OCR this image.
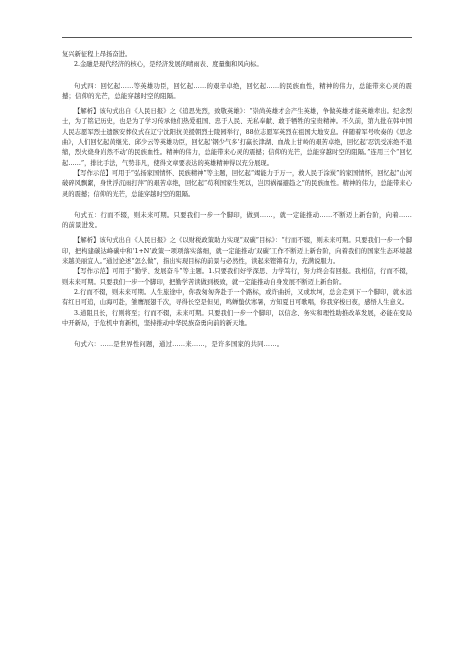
复兴新征程上昂扬奋进。

2.金融是现代经济的核心，是经济发展的晴雨表、度量衡和风向标。

句式四：回忆起……等英雄功臣，回忆起……的艰辛卓绝，回忆起……的民族血性，精神的伟力，总能带来心灵的震撼；信仰的光芒，总能穿越时空的阻隔。

【解析】该句式出自《人民日报》之《追思先烈，致敬英雄》：“崇尚英雄才会产生英雄，争做英雄才能英雄辈出。纪念烈士，为了铭记历史，也是为了学习传承他们热爱祖国、忠于人民、无私奉献、敢于牺牲的宝贵精神。不久前，第九批在韩中国人民志愿军烈士遗骸安葬仪式在辽宁沈阳抗美援朝烈士陵园举行，88位志愿军英烈在祖国大地安息。伴随着军号吹奏的《思念曲》，人们回忆起黄继光、邱少云等英雄功臣，回忆起‘钢少气多’打赢长津湖、血战上甘岭的艰苦卓绝，回忆起‘忍饥受冻绝不退缩，烈火烧身岿然不动’的民族血性。精神的伟力，总能带来心灵的震撼；信仰的光芒，总能穿越时空的阻隔。”连用三个“回忆起……”，排比手法，气势非凡，使得文章要表达的英雄精神得以充分展现。

【写作示范】可用于“弘扬家国情怀、民族精神”等主题，回忆起“竭能力于万一，救人民于涂炭”的家国情怀，回忆起“山河破碎风飘絮，身世浮沉雨打萍”的艰苦卓绝，回忆起“苟利国家生死以，岂因祸福避趋之”的民族血性。精神的伟力，总能带来心灵的震撼；信仰的光芒，总能穿越时空的阻隔。

句式五：行而不辍，则未来可期。只要我们一步一个脚印，做到……，就一定能推动……不断迈上新台阶，向着……的前景进发。

【解析】该句式出自《人民日报》之《以财税政策助力实现“双碳”目标》：“行而不辍，则未来可期。只要我们一步一个脚印，把构建碳达峰碳中和‘1+N’政策一项项落实落细，就一定能推动‘双碳’工作不断迈上新台阶，向着我们的国家生态环境越来越美丽宜人。”通过论述“怎么做”，指出实现目标的前景与必然性，读起来铿锵有力，充满说服力。

【写作示范】可用于“勤学、发展奋斗”等主题。1.只要我们好学深思、力学笃行，努力终会有回报。我相信，行而不辍，则未来可期。只要我们一步一个脚印，把勤学苦读做到极致，就一定能推动自身发展不断迈上新台阶。

2.行而不辍，则未来可期。人生旅途中，你我匆匆奔赴于一个路标，或许曲折，又或坎坷，总会走到下一个脚印，就永远有红日可追，山海可赴，雏鹰展翅千次，寻得长空是但见，鸣蝉蛰伏寒暑，方知夏日可歌唱，你我穿梭日夜，感悟人生意义。

3.道阻且长，行则将至；行而不辍，未来可期。只要我们一步一个脚印，以信念、务实和理性助推改革发展，必能在变局中开新局，于危机中育新机，坚持推动中华民族奋勇向前的新天地。

句式六：……是世界性问题，通过……来……，是许多国家的共同……。
